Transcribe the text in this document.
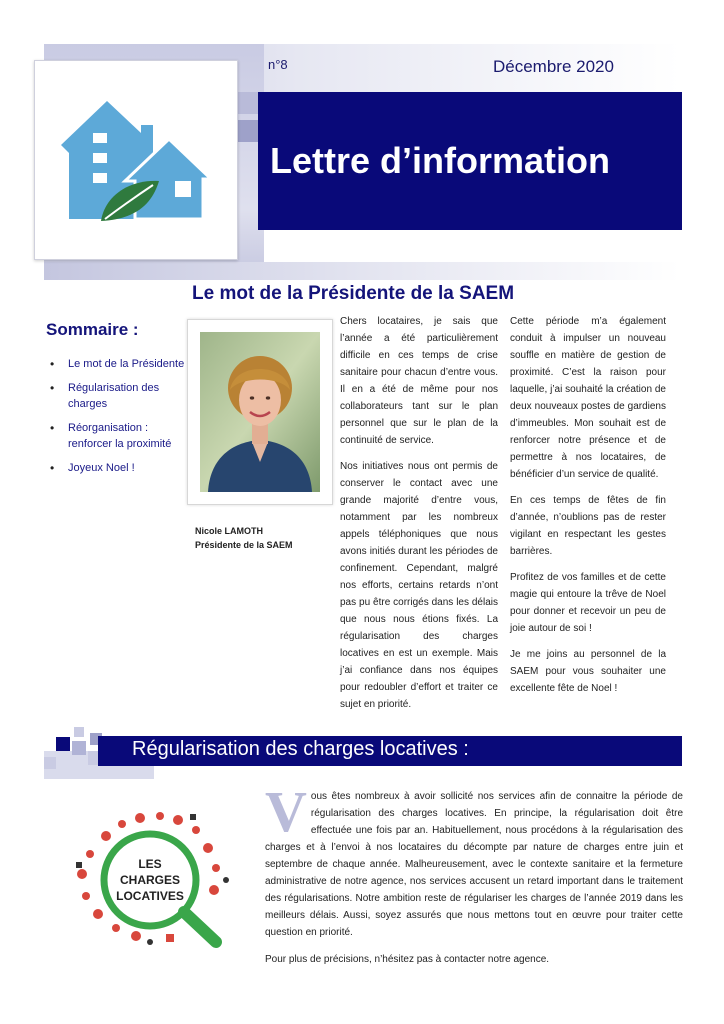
n°8	Décembre 2020
Lettre d’information
Le mot de la Présidente de la SAEM
Sommaire :
• Le mot de la Présidente
• Régularisation des charges
• Réorganisation : renforcer la proximité
• Joyeux Noel !
Nicole LAMOTH
Présidente de la SAEM

Chers locataires, je sais que l’année a été particulièrement difficile en ces temps de crise sanitaire pour chacun d’entre vous. Il en a été de même pour nos collaborateurs tant sur le plan personnel que sur le plan de la continuité de service.

Nos initiatives nous ont permis de conserver le contact avec une grande majorité d’entre vous, notamment par les nombreux appels téléphoniques que nous avons initiés durant les périodes de confinement. Cependant, malgré nos efforts, certains retards n’ont pas pu être corrigés dans les délais que nous nous étions fixés. La régularisation des charges locatives en est un exemple. Mais j’ai confiance dans nos équipes pour redoubler d’effort et traiter ce sujet en priorité.

Cette période m’a également conduit à impulser un nouveau souffle en matière de gestion de proximité. C’est la raison pour laquelle, j’ai souhaité la création de deux nouveaux postes de gardiens d’immeubles. Mon souhait est de renforcer notre présence et de permettre à nos locataires, de bénéficier d’un service de qualité.

En ces temps de fêtes de fin d’année, n’oublions pas de rester vigilant en respectant les gestes barrières.

Profitez de vos familles et de cette magie qui entoure la trêve de Noel pour donner et recevoir un peu de joie autour de soi !

Je me joins au personnel de la SAEM pour vous souhaiter une excellente fête de Noel !

Régularisation des charges locatives :
LES
CHARGES
LOCATIVES

Vous êtes nombreux à avoir sollicité nos services afin de connaitre la période de régularisation des charges locatives. En principe, la régularisation doit être effectuée une fois par an. Habituellement, nous procédons à la régularisation des charges et à l’envoi à nos locataires du décompte par nature de charges entre juin et septembre de chaque année. Malheureusement, avec le contexte sanitaire et la fermeture administrative de notre agence, nos services accusent un retard important dans le traitement des régularisations. Notre ambition reste de régulariser les charges de l’année 2019 dans les meilleurs délais. Aussi, soyez assurés que nous mettons tout en œuvre pour traiter cette question en priorité.

Pour plus de précisions, n’hésitez pas à contacter notre agence.
